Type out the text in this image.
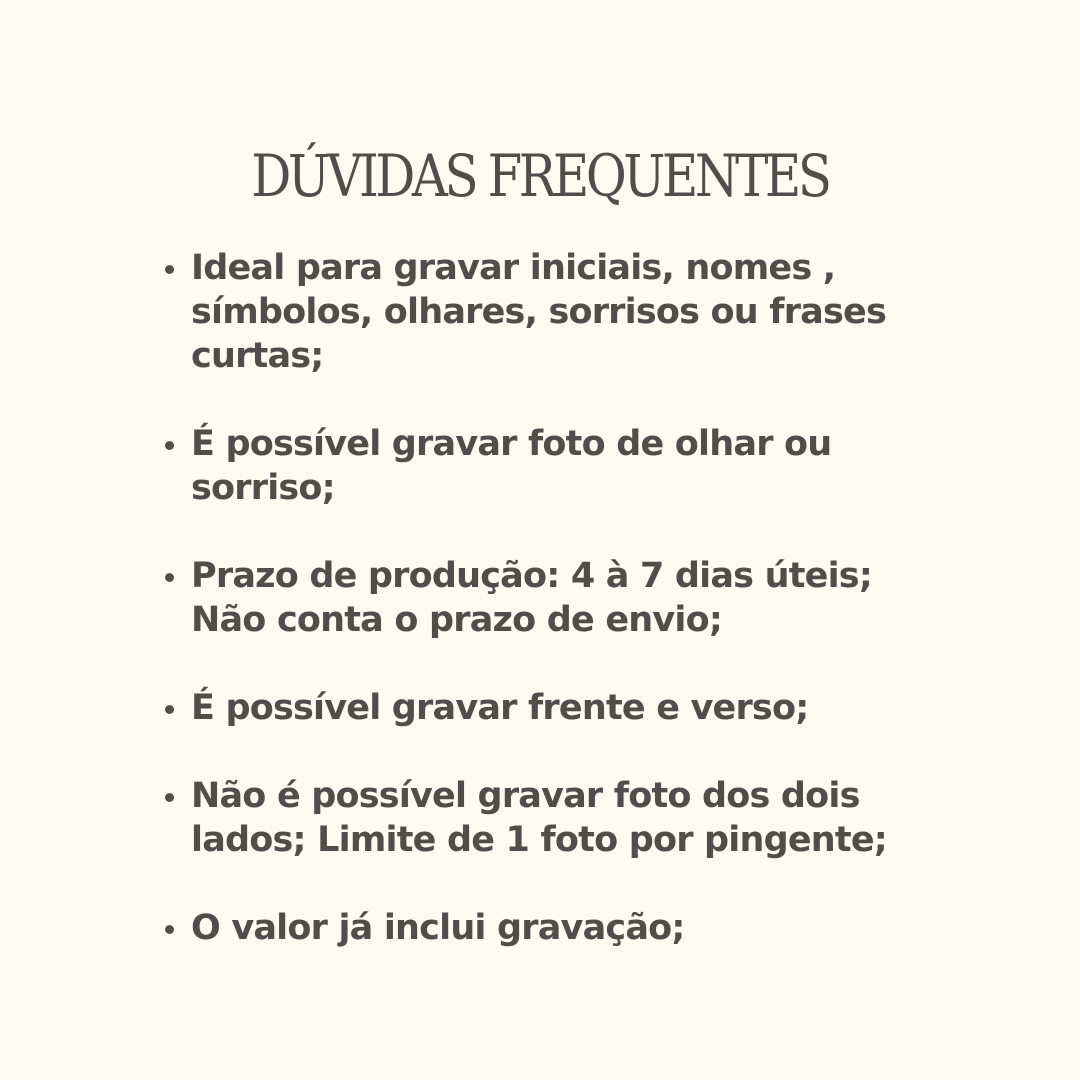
DÚVIDAS FREQUENTES
Ideal para gravar iniciais, nomes ,
símbolos, olhares, sorrisos ou frases
curtas;
É possível gravar foto de olhar ou
sorriso;
Prazo de produção: 4 à 7 dias úteis;
Não conta o prazo de envio;
É possível gravar frente e verso;
Não é possível gravar foto dos dois
lados; Limite de 1 foto por pingente;
O valor já inclui gravação;
